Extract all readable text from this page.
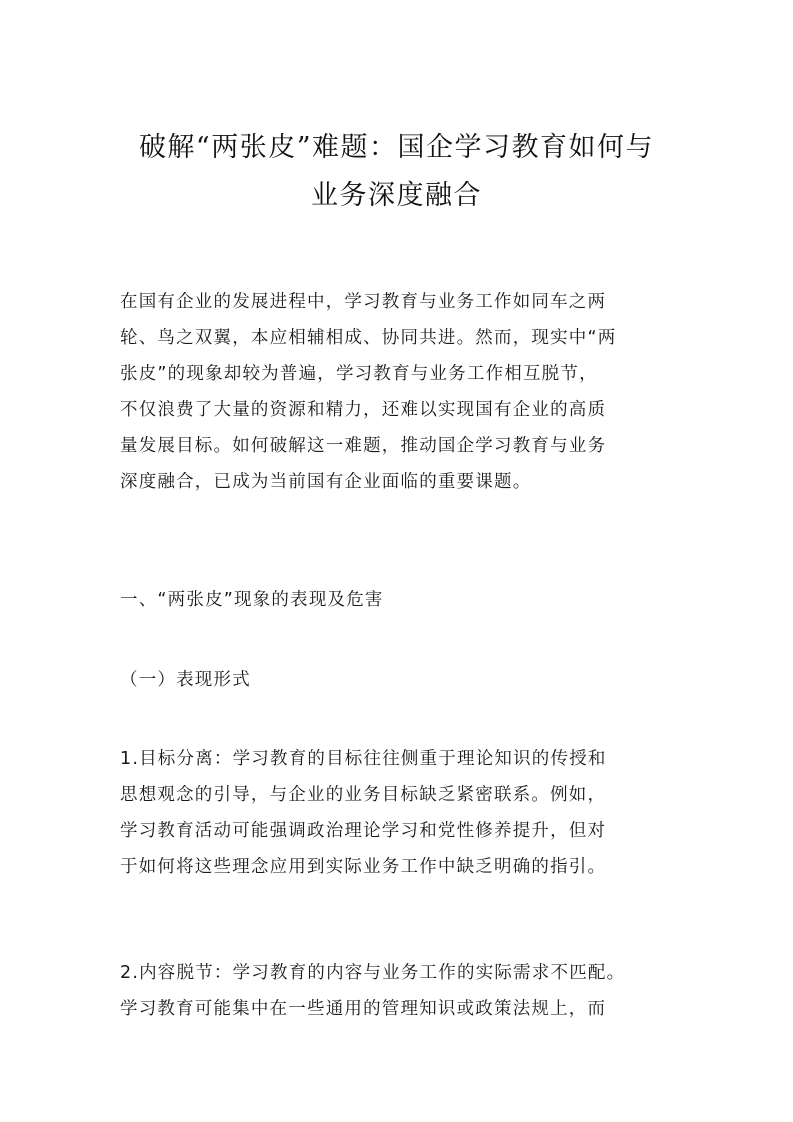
破解“两张皮”难题：国企学习教育如何与
业务深度融合
在国有企业的发展进程中，学习教育与业务工作如同车之两
轮、鸟之双翼，本应相辅相成、协同共进。然而，现实中“两
张皮”的现象却较为普遍，学习教育与业务工作相互脱节，
不仅浪费了大量的资源和精力，还难以实现国有企业的高质
量发展目标。如何破解这一难题，推动国企学习教育与业务
深度融合，已成为当前国有企业面临的重要课题。
一、“两张皮”现象的表现及危害
（一）表现形式
1.目标分离：学习教育的目标往往侧重于理论知识的传授和
思想观念的引导，与企业的业务目标缺乏紧密联系。例如，
学习教育活动可能强调政治理论学习和党性修养提升，但对
于如何将这些理念应用到实际业务工作中缺乏明确的指引。
2.内容脱节：学习教育的内容与业务工作的实际需求不匹配。
学习教育可能集中在一些通用的管理知识或政策法规上，而
